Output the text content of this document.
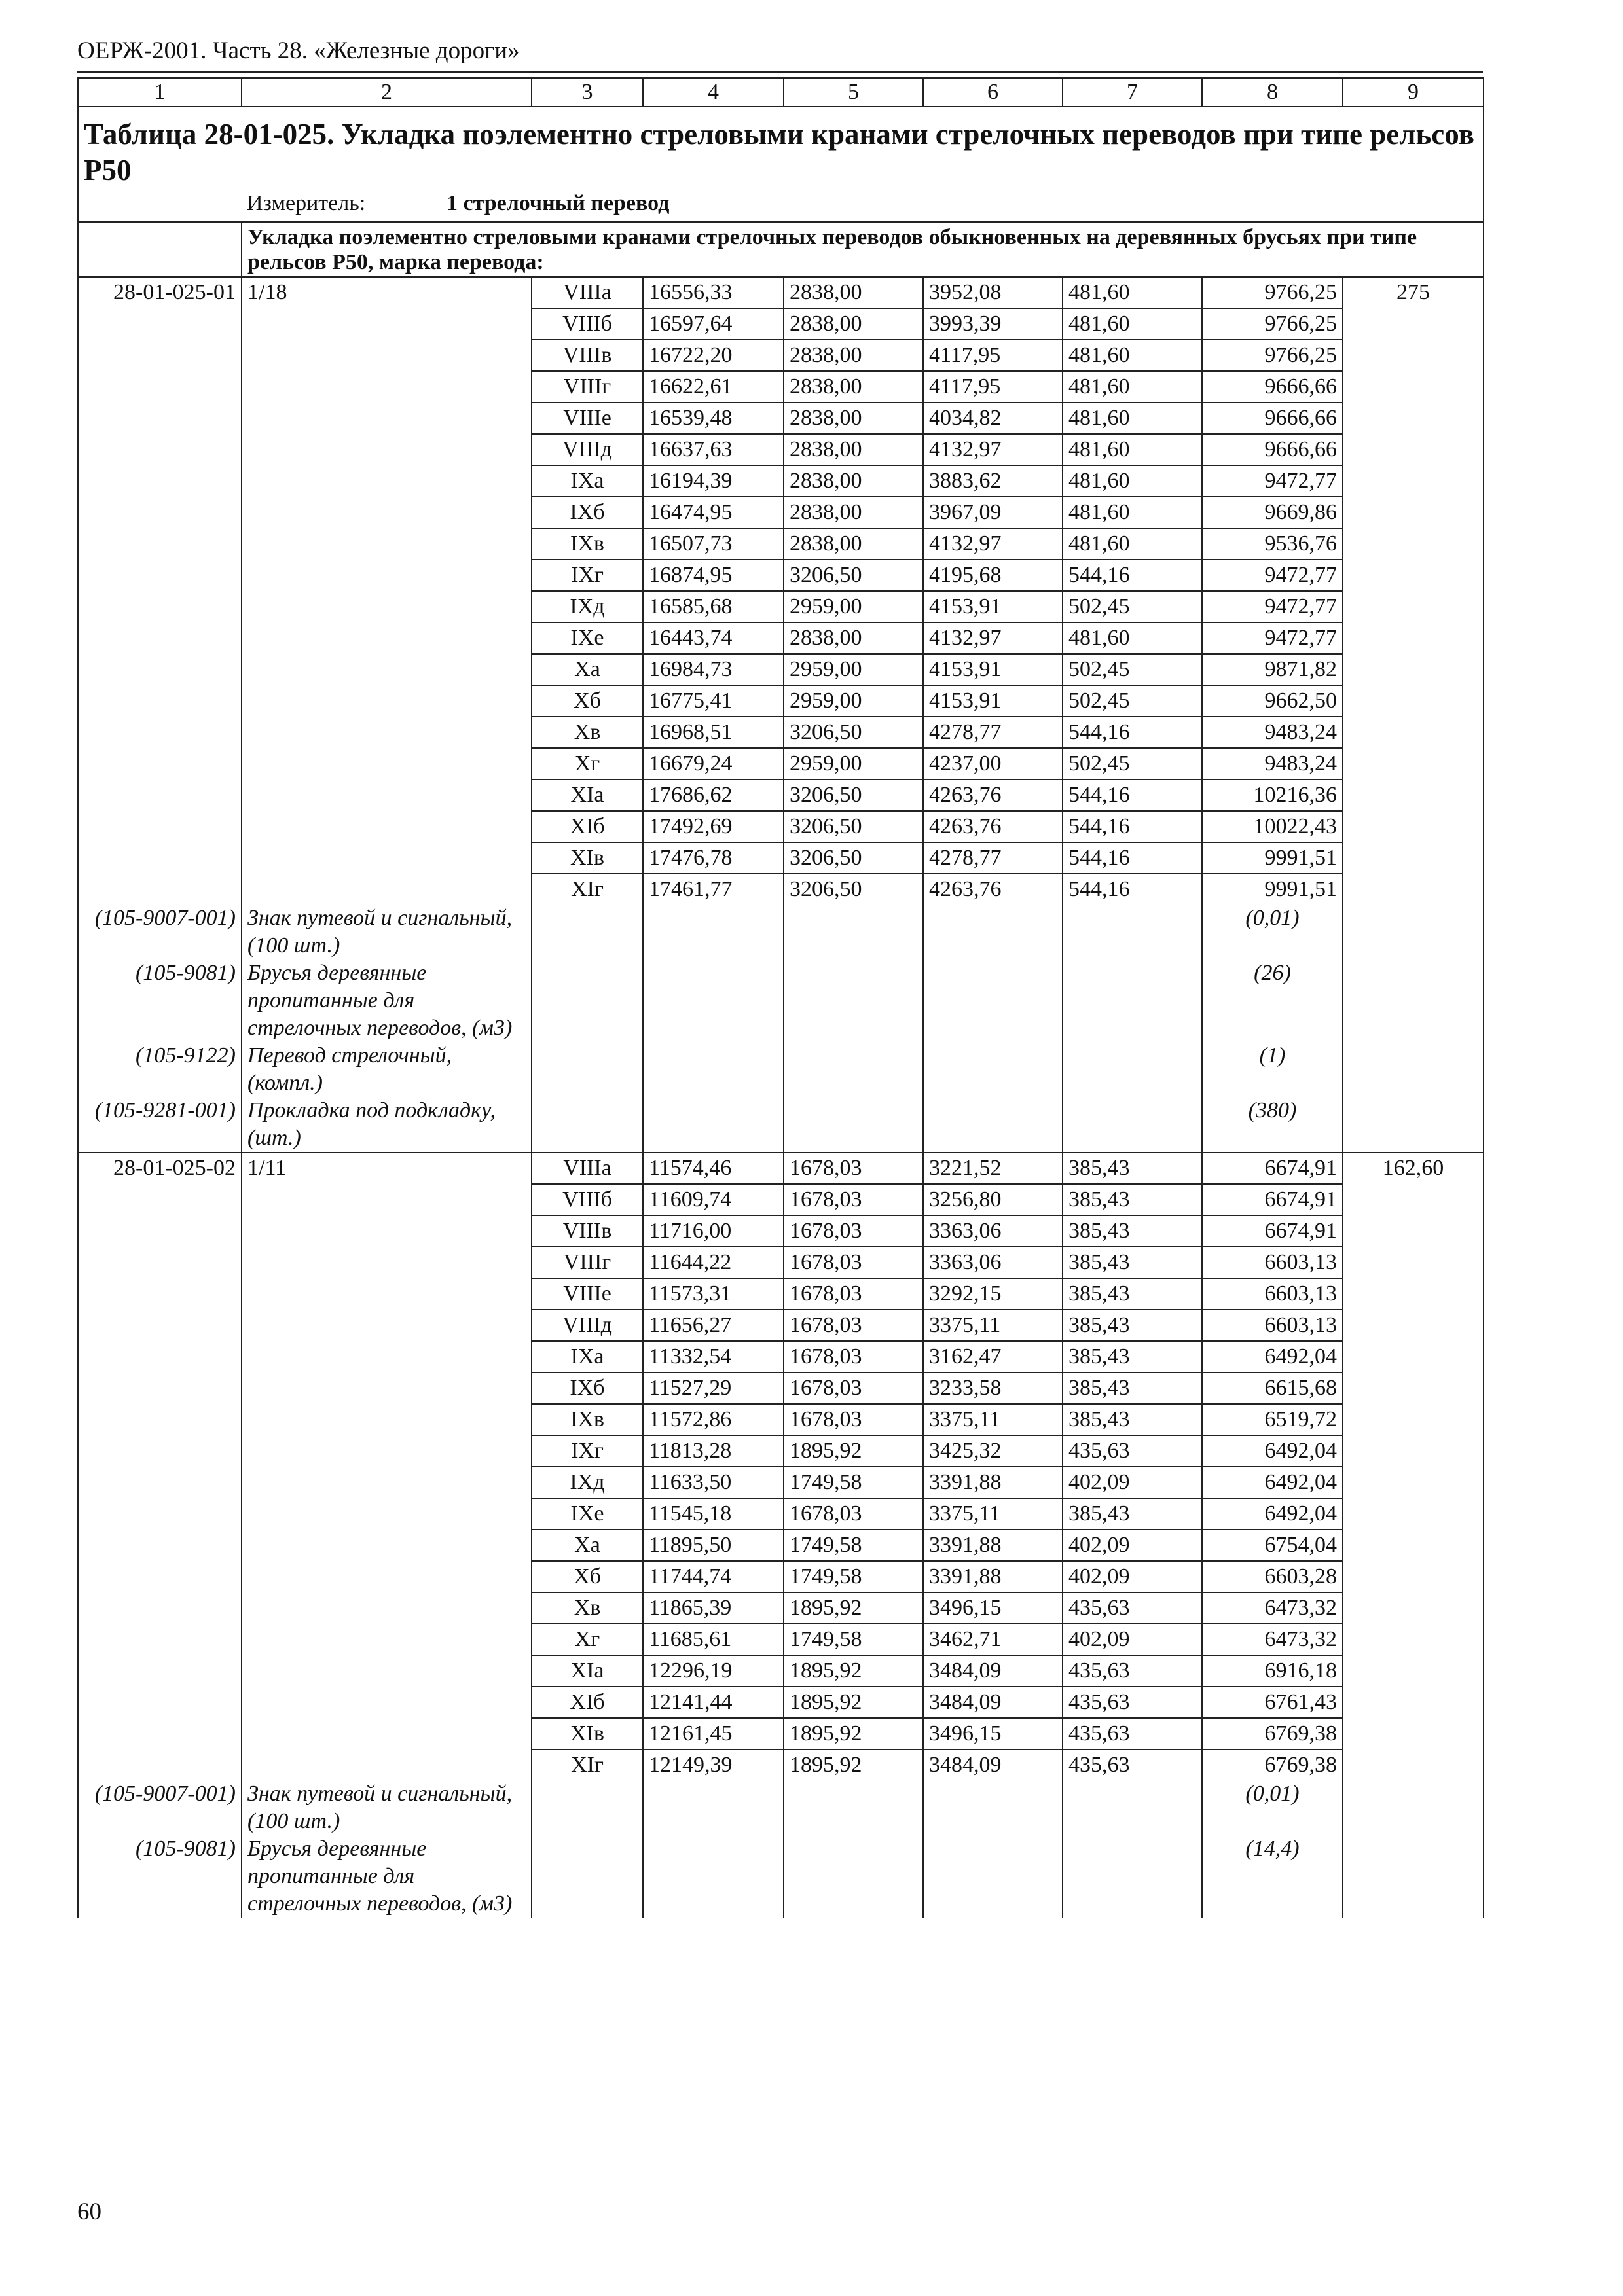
ОЕРЖ-2001. Часть 28. «Железные дороги»
1	2	3	4	5	6	7	8	9
Таблица 28-01-025. Укладка поэлементно стреловыми кранами стрелочных переводов при типе рельсов Р50								
	Измеритель: 1 стрелочный перевод							
	Укладка поэлементно стреловыми кранами стрелочных переводов обыкновенных на деревянных брусьях при типе рельсов Р50, марка перевода:							
28-01-025-01	1/18	VIIIа	16556,33	2838,00	3952,08	481,60	9766,25	275
		VIIIб	16597,64	2838,00	3993,39	481,60	9766,25	
		VIIIв	16722,20	2838,00	4117,95	481,60	9766,25	
		VIIIг	16622,61	2838,00	4117,95	481,60	9666,66	
		VIIIе	16539,48	2838,00	4034,82	481,60	9666,66	
		VIIIд	16637,63	2838,00	4132,97	481,60	9666,66	
		IXа	16194,39	2838,00	3883,62	481,60	9472,77	
		IXб	16474,95	2838,00	3967,09	481,60	9669,86	
		IXв	16507,73	2838,00	4132,97	481,60	9536,76	
		IXг	16874,95	3206,50	4195,68	544,16	9472,77	
		IXд	16585,68	2959,00	4153,91	502,45	9472,77	
		IXе	16443,74	2838,00	4132,97	481,60	9472,77	
		Xа	16984,73	2959,00	4153,91	502,45	9871,82	
		Xб	16775,41	2959,00	4153,91	502,45	9662,50	
		Xв	16968,51	3206,50	4278,77	544,16	9483,24	
		Xг	16679,24	2959,00	4237,00	502,45	9483,24	
		XIа	17686,62	3206,50	4263,76	544,16	10216,36	
		XIб	17492,69	3206,50	4263,76	544,16	10022,43	
		XIв	17476,78	3206,50	4278,77	544,16	9991,51	
		XIг	17461,77	3206,50	4263,76	544,16	9991,51	
(105-9007-001)	Знак путевой и сигнальный, (100 шт.)						(0,01)	
(105-9081)	Брусья деревянные пропитанные для стрелочных переводов, (м3)						(26)	
(105-9122)	Перевод стрелочный, (компл.)						(1)	
(105-9281-001)	Прокладка под подкладку, (шт.)						(380)	
28-01-025-02	1/11	VIIIа	11574,46	1678,03	3221,52	385,43	6674,91	162,60
		VIIIб	11609,74	1678,03	3256,80	385,43	6674,91	
		VIIIв	11716,00	1678,03	3363,06	385,43	6674,91	
		VIIIг	11644,22	1678,03	3363,06	385,43	6603,13	
		VIIIе	11573,31	1678,03	3292,15	385,43	6603,13	
		VIIIд	11656,27	1678,03	3375,11	385,43	6603,13	
		IXа	11332,54	1678,03	3162,47	385,43	6492,04	
		IXб	11527,29	1678,03	3233,58	385,43	6615,68	
		IXв	11572,86	1678,03	3375,11	385,43	6519,72	
		IXг	11813,28	1895,92	3425,32	435,63	6492,04	
		IXд	11633,50	1749,58	3391,88	402,09	6492,04	
		IXе	11545,18	1678,03	3375,11	385,43	6492,04	
		Xа	11895,50	1749,58	3391,88	402,09	6754,04	
		Xб	11744,74	1749,58	3391,88	402,09	6603,28	
		Xв	11865,39	1895,92	3496,15	435,63	6473,32	
		Xг	11685,61	1749,58	3462,71	402,09	6473,32	
		XIа	12296,19	1895,92	3484,09	435,63	6916,18	
		XIб	12141,44	1895,92	3484,09	435,63	6761,43	
		XIв	12161,45	1895,92	3496,15	435,63	6769,38	
		XIг	12149,39	1895,92	3484,09	435,63	6769,38	
(105-9007-001)	Знак путевой и сигнальный, (100 шт.)						(0,01)	
(105-9081)	Брусья деревянные пропитанные для стрелочных переводов, (м3)						(14,4)	
60
